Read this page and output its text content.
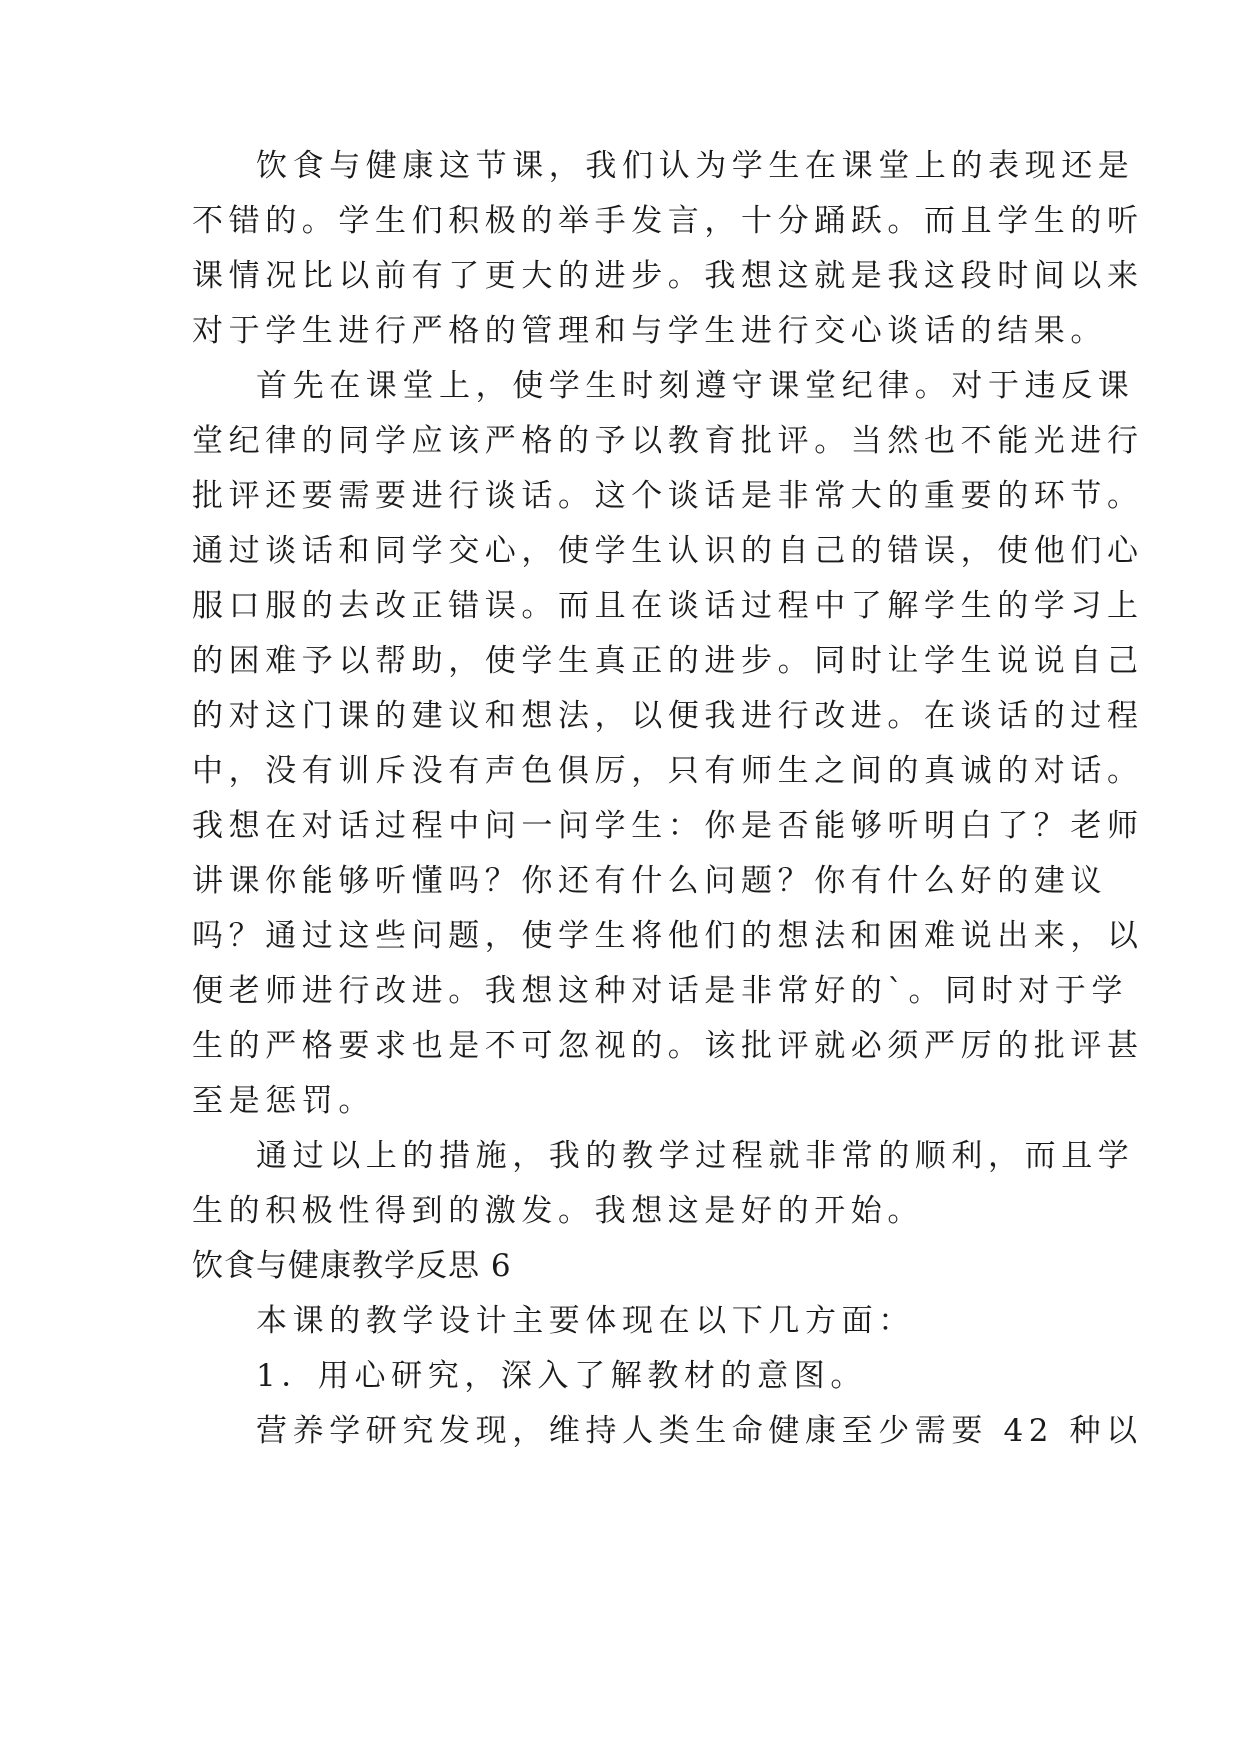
饮食与健康这节课，我们认为学生在课堂上的表现还是
不错的。学生们积极的举手发言，十分踊跃。而且学生的听
课情况比以前有了更大的进步。我想这就是我这段时间以来
对于学生进行严格的管理和与学生进行交心谈话的结果。
首先在课堂上，使学生时刻遵守课堂纪律。对于违反课
堂纪律的同学应该严格的予以教育批评。当然也不能光进行
批评还要需要进行谈话。这个谈话是非常大的重要的环节。
通过谈话和同学交心，使学生认识的自己的错误，使他们心
服口服的去改正错误。而且在谈话过程中了解学生的学习上
的困难予以帮助，使学生真正的进步。同时让学生说说自己
的对这门课的建议和想法，以便我进行改进。在谈话的过程
中，没有训斥没有声色俱厉，只有师生之间的真诚的对话。
我想在对话过程中问一问学生：你是否能够听明白了？老师
讲课你能够听懂吗？你还有什么问题？你有什么好的建议
吗？通过这些问题，使学生将他们的想法和困难说出来，以
便老师进行改进。我想这种对话是非常好的`。同时对于学
生的严格要求也是不可忽视的。该批评就必须严厉的批评甚
至是惩罚。
通过以上的措施，我的教学过程就非常的顺利，而且学
生的积极性得到的激发。我想这是好的开始。
饮食与健康教学反思 6
本课的教学设计主要体现在以下几方面：
1．用心研究，深入了解教材的意图。
营养学研究发现，维持人类生命健康至少需要 42 种以
